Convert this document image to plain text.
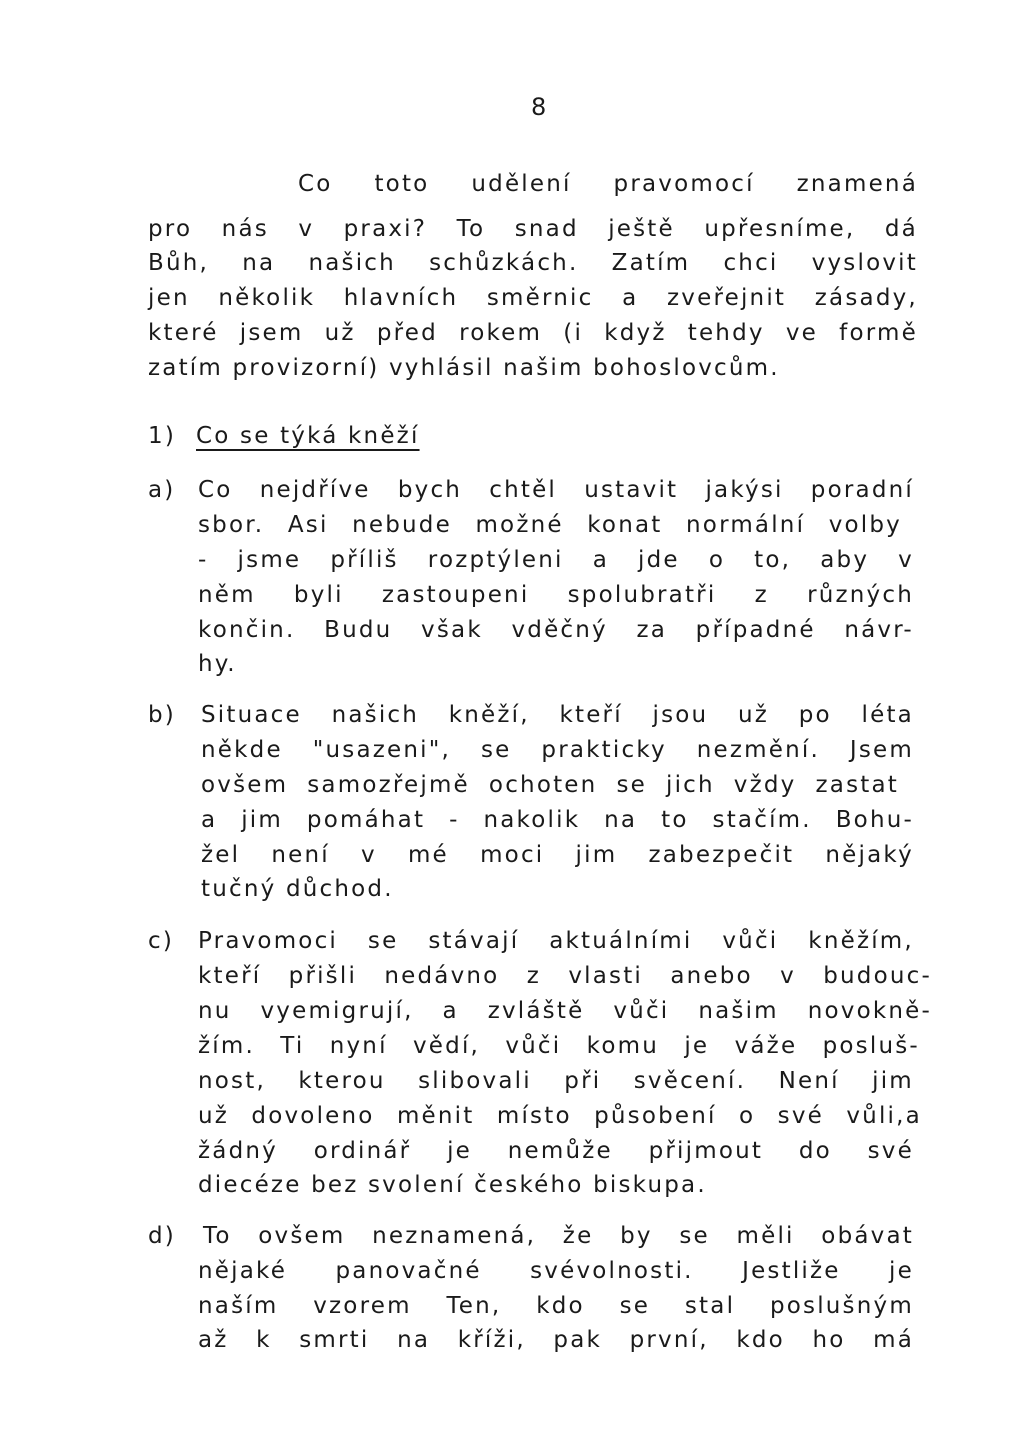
8
Co toto udělení pravomocí znamená
pro nás v praxi? To snad ještě upřesníme, dá
Bůh, na našich schůzkách. Zatím chci vyslovit
jen několik hlavních směrnic a zveřejnit zásady,
které jsem už před rokem (i když tehdy ve formě
zatím provizorní) vyhlásil našim bohoslovcům.
1) Co se týká kněží
a) Co nejdříve bych chtěl ustavit jakýsi poradní
sbor. Asi nebude možné konat normální volby
- jsme příliš rozptýleni a jde o to, aby v
něm byli zastoupeni spolubratři z různých
končin. Budu však vděčný za případné návr-
hy.
b) Situace našich kněží, kteří jsou už po léta
někde "usazeni", se prakticky nezmění. Jsem
ovšem samozřejmě ochoten se jich vždy zastat
a jim pomáhat - nakolik na to stačím. Bohu-
žel není v mé moci jim zabezpečit nějaký
tučný důchod.
c) Pravomoci se stávají aktuálními vůči kněžím,
kteří přišli nedávno z vlasti anebo v budouc-
nu vyemigrují, a zvláště vůči našim novokně-
žím. Ti nyní vědí, vůči komu je váže posluš-
nost, kterou slibovali při svěcení. Není jim
už dovoleno měnit místo působení o své vůli,a
žádný ordinář je nemůže přijmout do své
diecéze bez svolení českého biskupa.
d) To ovšem neznamená, že by se měli obávat
nějaké panovačné svévolnosti. Jestliže je
naším vzorem Ten, kdo se stal poslušným
až k smrti na kříži, pak první, kdo ho má
